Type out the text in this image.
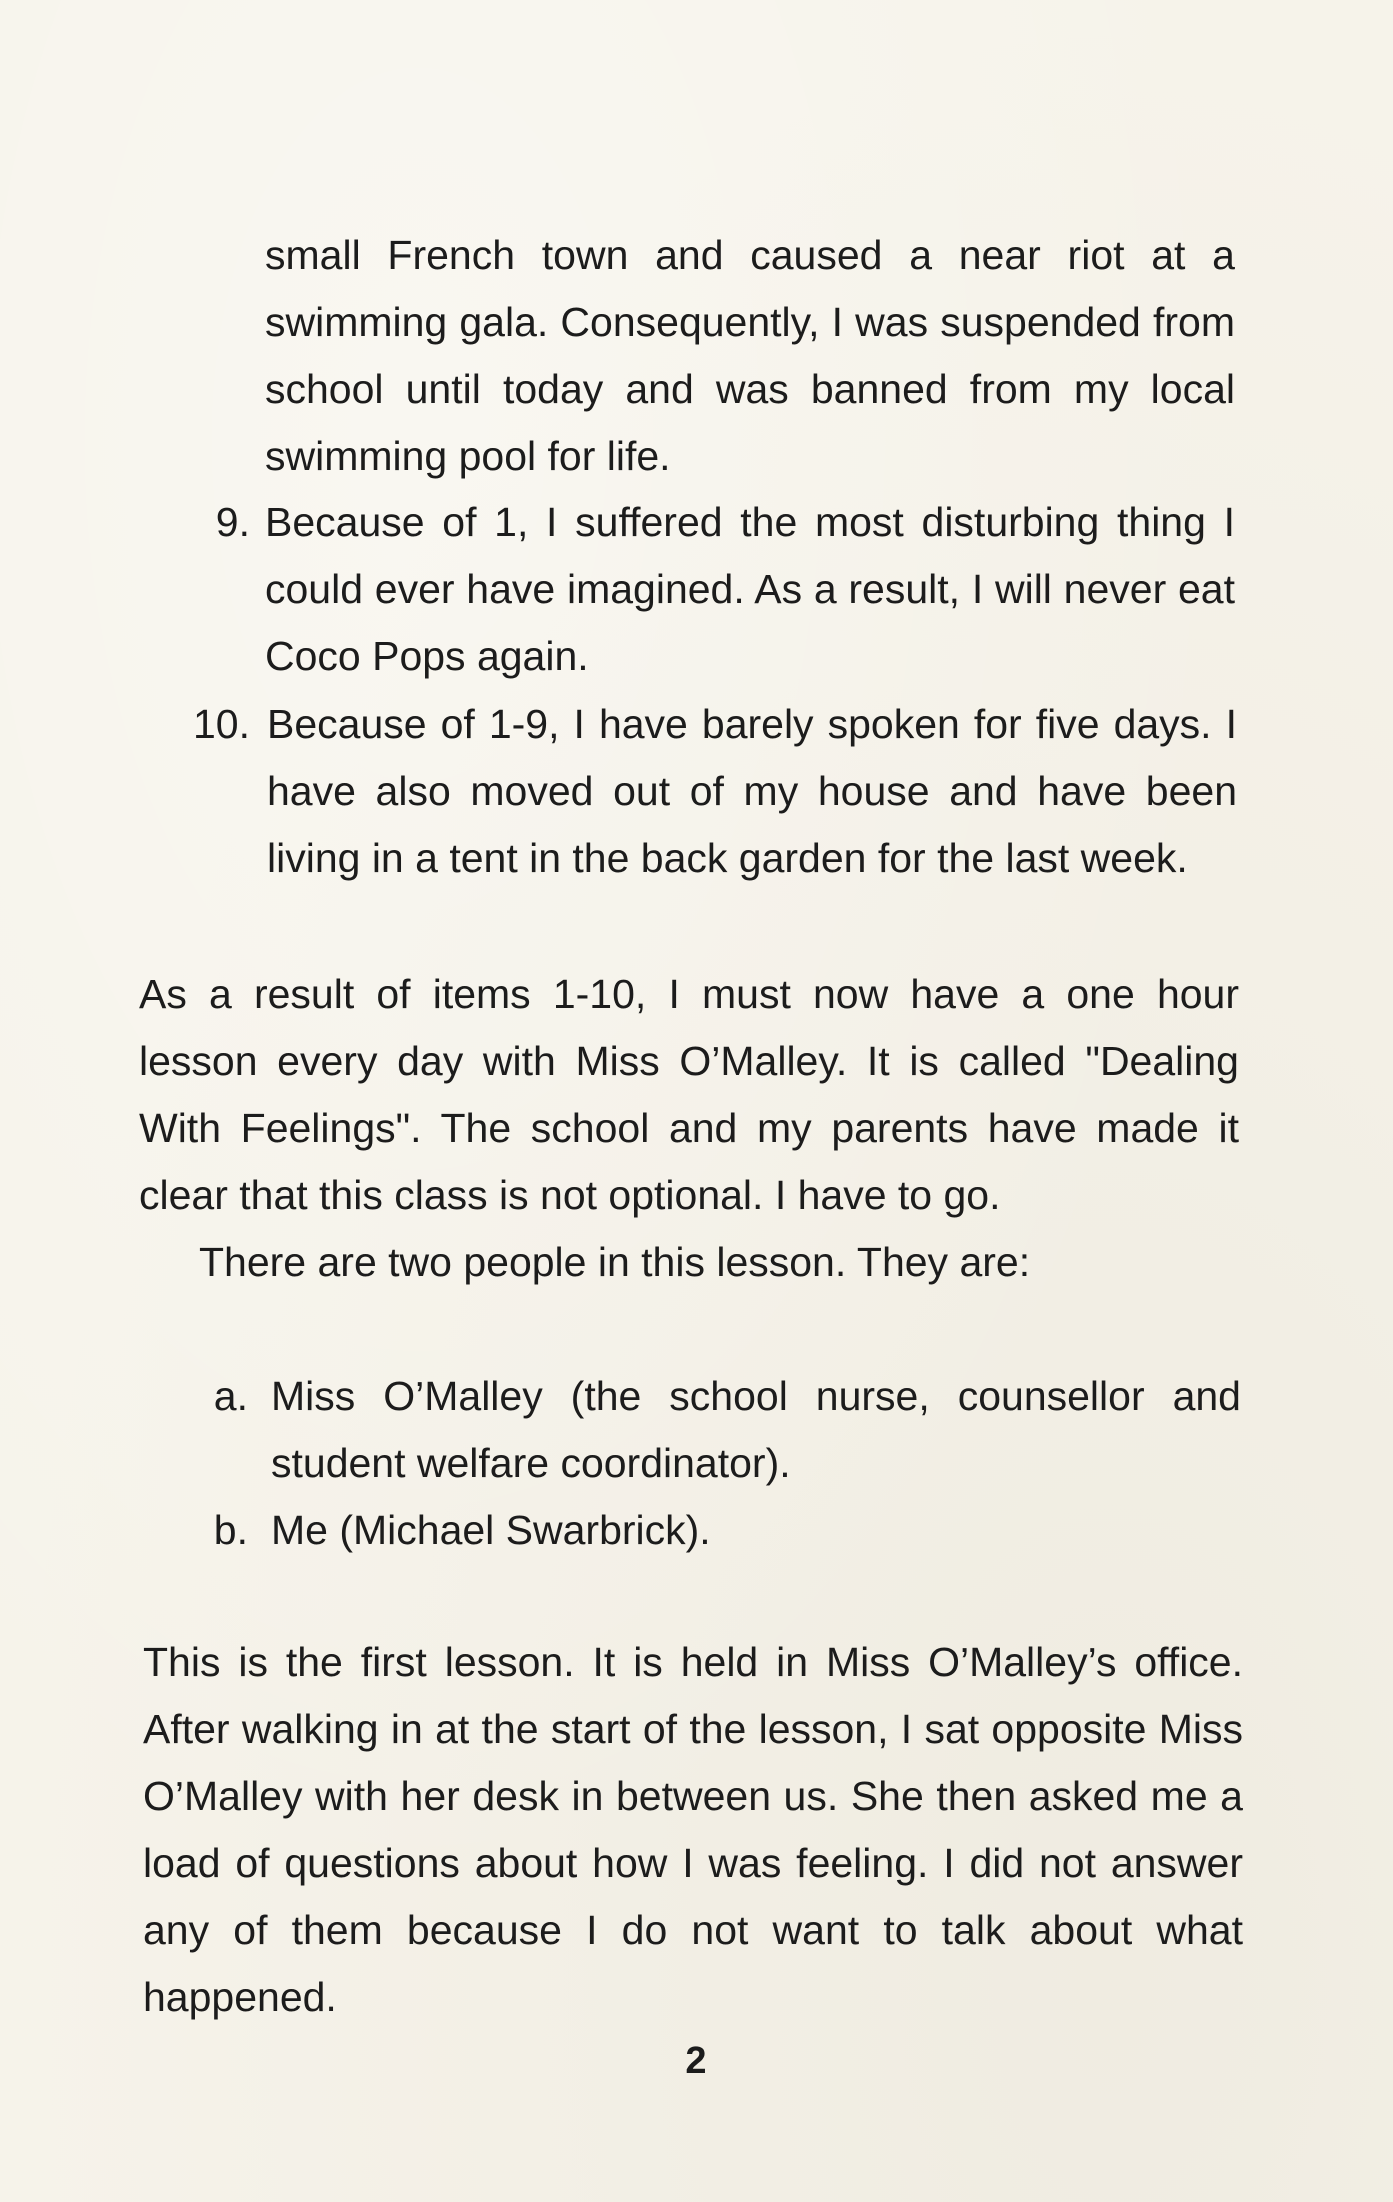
small French town and caused a near riot at a swimming gala. Consequently, I was suspended from school until today and was banned from my local swimming pool for life.

9. Because of 1, I suffered the most disturbing thing I could ever have imagined. As a result, I will never eat Coco Pops again.
10. Because of 1-9, I have barely spoken for five days. I have also moved out of my house and have been living in a tent in the back garden for the last week.

As a result of items 1-10, I must now have a one hour lesson every day with Miss O’Malley. It is called "Dealing With Feelings". The school and my parents have made it clear that this class is not optional. I have to go.

There are two people in this lesson. They are:

a. Miss O’Malley (the school nurse, counsellor and student welfare coordinator).
b. Me (Michael Swarbrick).

This is the first lesson. It is held in Miss O’Malley’s office. After walking in at the start of the lesson, I sat opposite Miss O’Malley with her desk in between us. She then asked me a load of questions about how I was feeling. I did not answer any of them because I do not want to talk about what happened.

2
